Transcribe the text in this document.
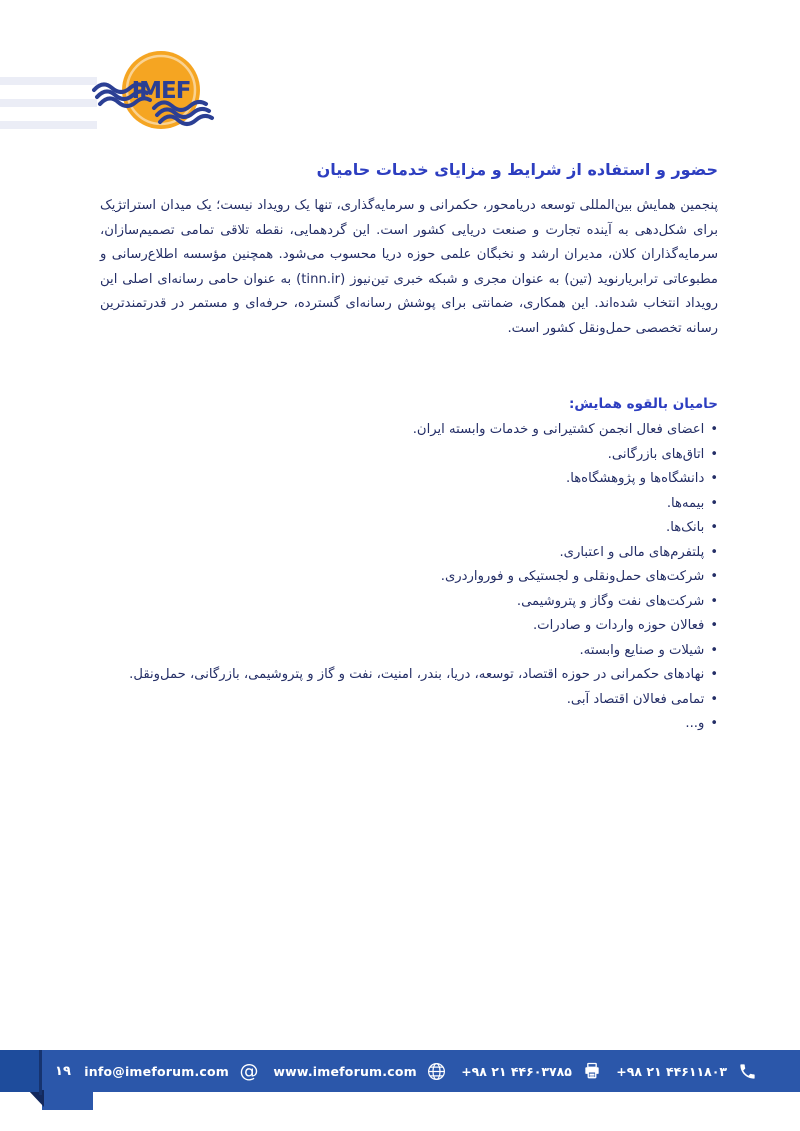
IMEF
حضور و استفاده از شرایط و مزایای خدمات حامیان
پنجمین همایش بین‌المللی توسعه دریامحور، حکمرانی و سرمایه‌گذاری، تنها یک رویداد نیست؛ یک میدان استراتژیک برای شکل‌دهی به آینده تجارت و صنعت دریایی کشور است. این گردهمایی، نقطه تلاقی تمامی تصمیم‌سازان، سرمایه‌گذاران کلان، مدیران ارشد و نخبگان علمی حوزه دریا محسوب می‌شود. همچنین مؤسسه اطلاع‌رسانی و مطبوعاتی ترابریارنوید (تین) به عنوان مجری و شبکه خبری تین‌نیوز (tinn.ir) به عنوان حامی رسانه‌ای اصلی این رویداد انتخاب شده‌اند. این همکاری، ضمانتی برای پوشش رسانه‌ای گسترده، حرفه‌ای و مستمر در قدرتمندترین رسانه تخصصی حمل‌ونقل کشور است.
حامیان بالقوه همایش:
•اعضای فعال انجمن کشتیرانی و خدمات وابسته ایران.
•اتاق‌های بازرگانی.
•دانشگاه‌ها و پژوهشگاه‌ها.
•بیمه‌ها.
•بانک‌ها.
•پلتفرم‌های مالی و اعتباری.
•شرکت‌های حمل‌ونقلی و لجستیکی و فورواردری.
•شرکت‌های نفت وگاز و پتروشیمی.
•فعالان حوزه واردات و صادرات.
•شیلات و صنایع وابسته.
•نهادهای حکمرانی در حوزه اقتصاد، توسعه، دریا، بندر، امنیت، نفت و گاز و پتروشیمی، بازرگانی، حمل‌ونقل.
•تمامی فعالان اقتصاد آبی.
•و...
+۹۸ ۲۱ ۴۴۶۱۱۸۰۳
+۹۸ ۲۱ ۴۴۶۰۳۷۸۵
www.imeforum.com
@
info@imeforum.com
۱۹
